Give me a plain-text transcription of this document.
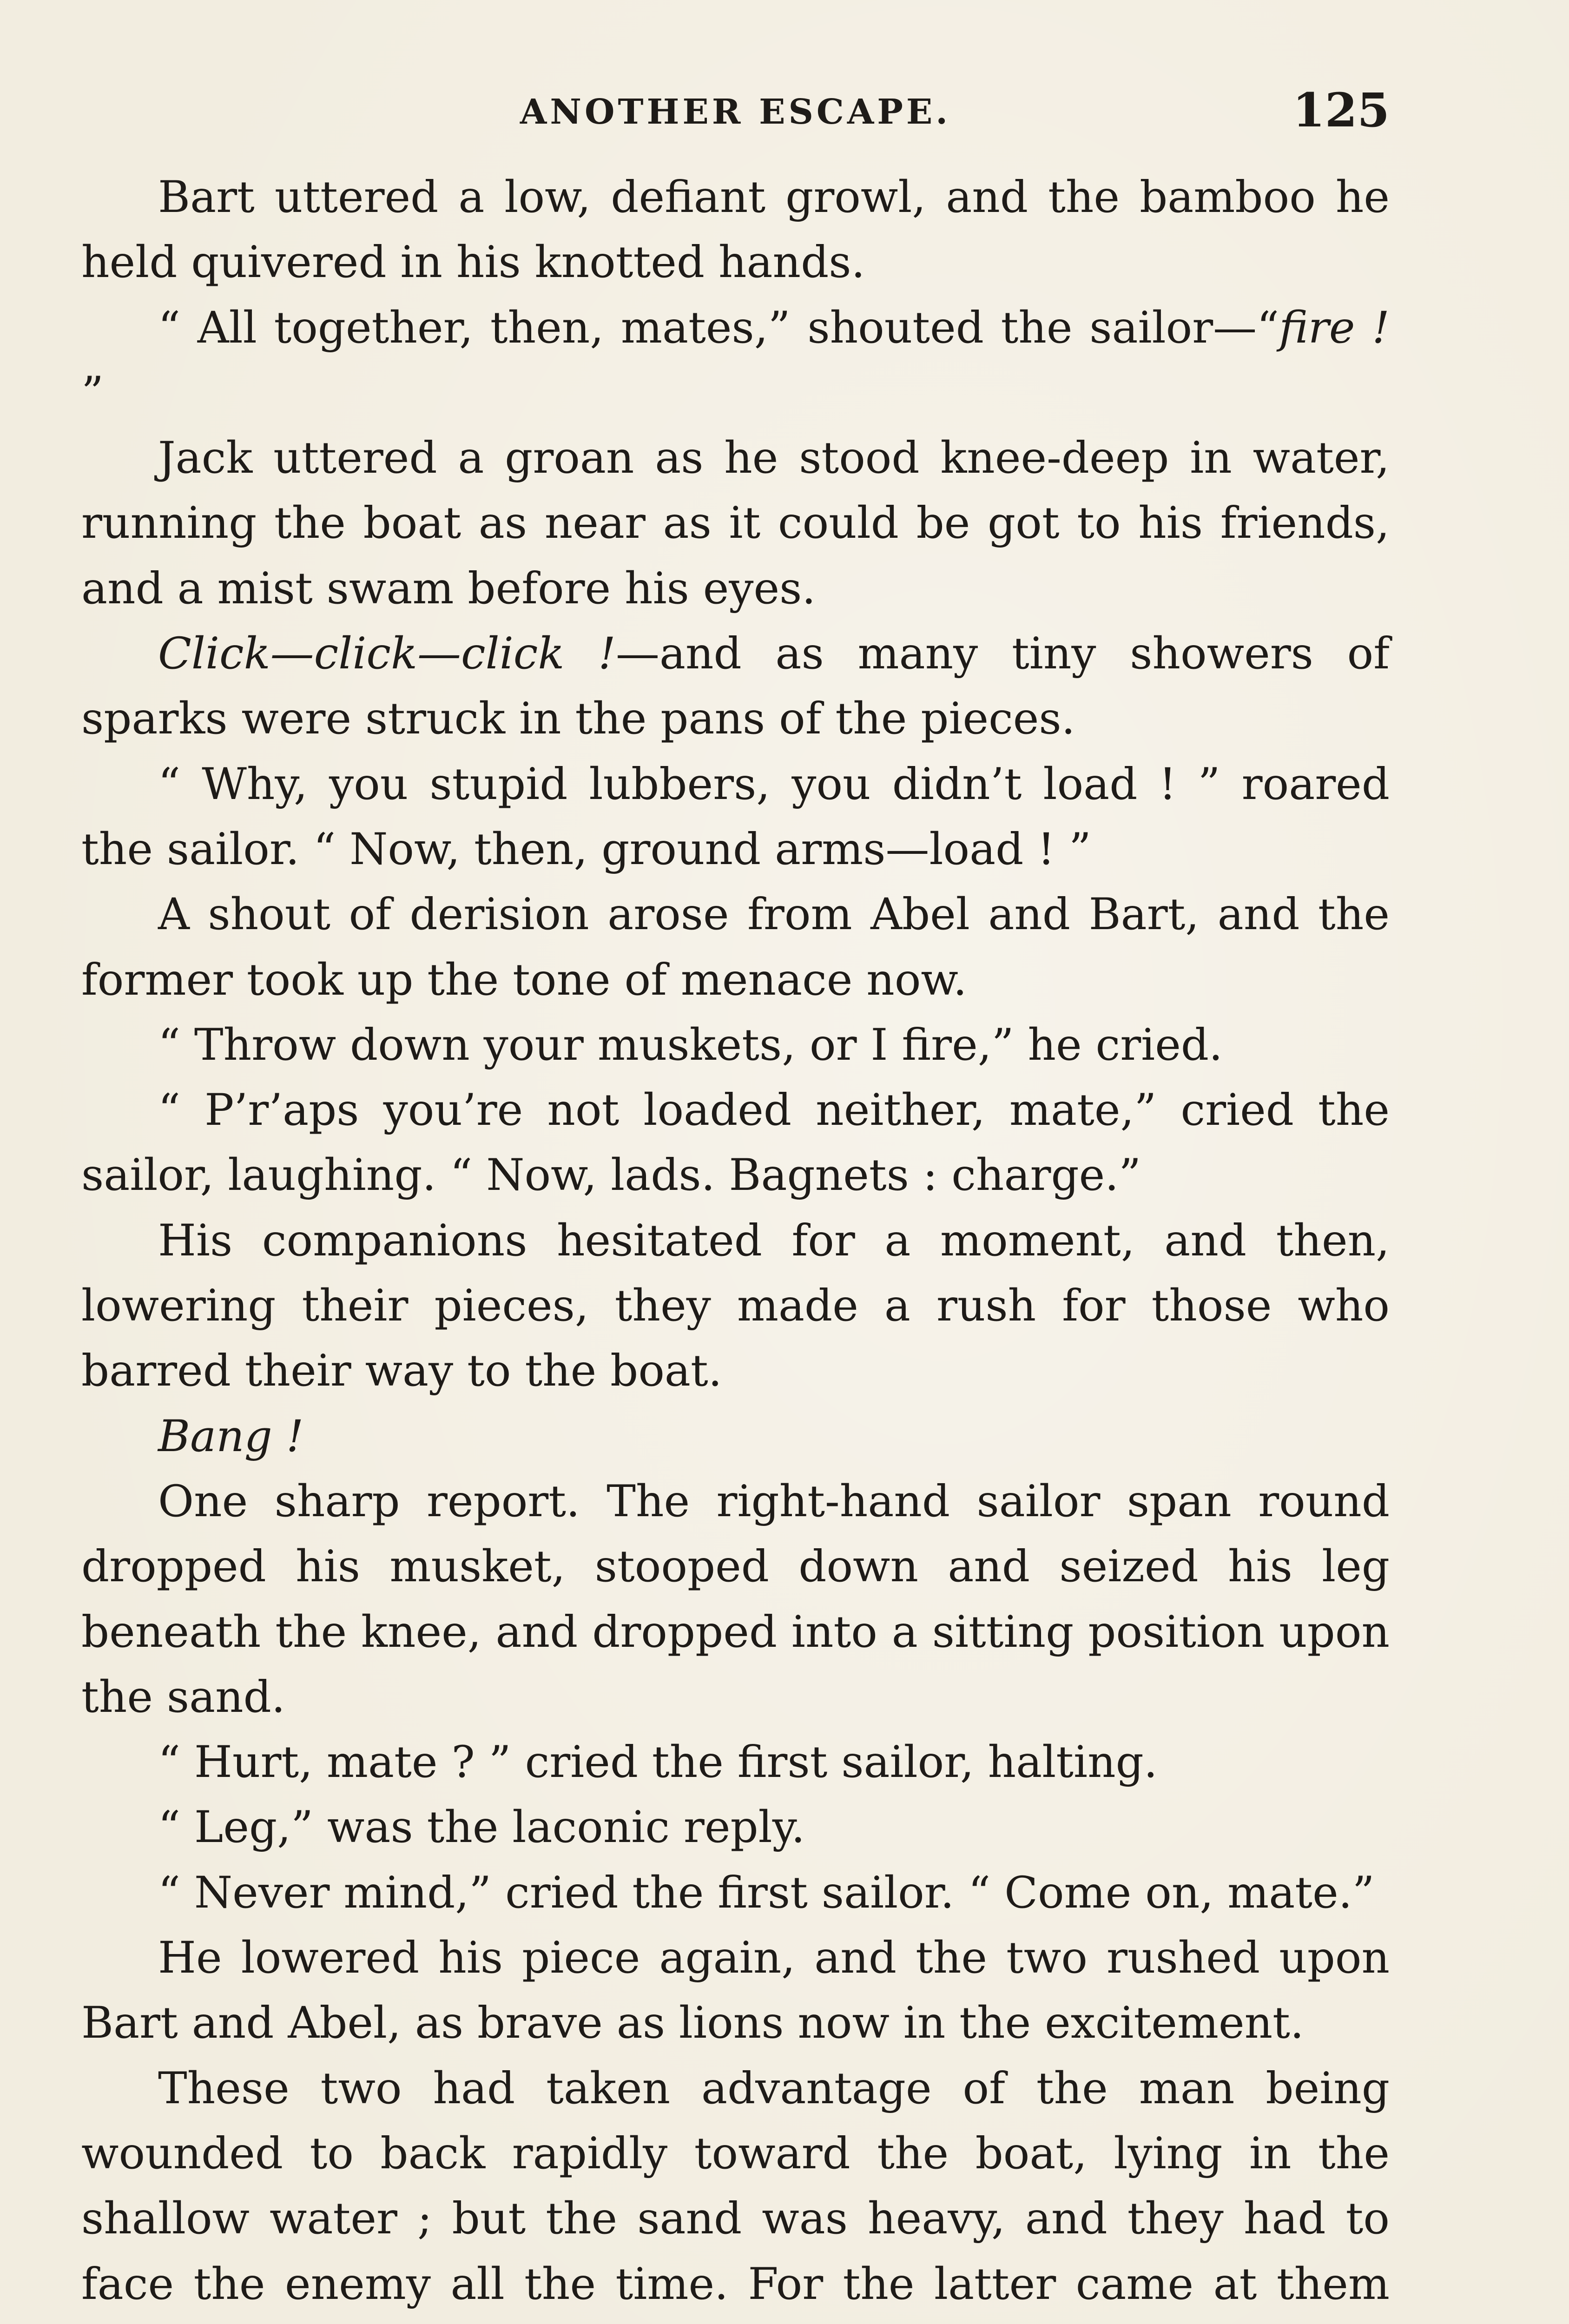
ANOTHER ESCAPE.	125

Bart uttered a low, defiant growl, and the bamboo he held quivered in his knotted hands.

“ All together, then, mates,” shouted the sailor—“fire ! ”

Jack uttered a groan as he stood knee-deep in water, running the boat as near as it could be got to his friends, and a mist swam before his eyes.

Click—click—click !—and as many tiny showers of sparks were struck in the pans of the pieces.

“ Why, you stupid lubbers, you didn’t load ! ” roared the sailor. “ Now, then, ground arms—load ! ”

A shout of derision arose from Abel and Bart, and the former took up the tone of menace now.

“ Throw down your muskets, or I fire,” he cried.

“ P’r’aps you’re not loaded neither, mate,” cried the sailor, laughing. “ Now, lads. Bagnets : charge.”

His companions hesitated for a moment, and then, lowering their pieces, they made a rush for those who barred their way to the boat.

Bang !

One sharp report. The right-hand sailor span round dropped his musket, stooped down and seized his leg beneath the knee, and dropped into a sitting position upon the sand.

“ Hurt, mate ? ” cried the first sailor, halting.

“ Leg,” was the laconic reply.

“ Never mind,” cried the first sailor. “ Come on, mate.”

He lowered his piece again, and the two rushed upon Bart and Abel, as brave as lions now in the excitement.

These two had taken advantage of the man being wounded to back rapidly toward the boat, lying in the shallow water ; but the sand was heavy, and they had to face the enemy all the time. For the latter came at them
